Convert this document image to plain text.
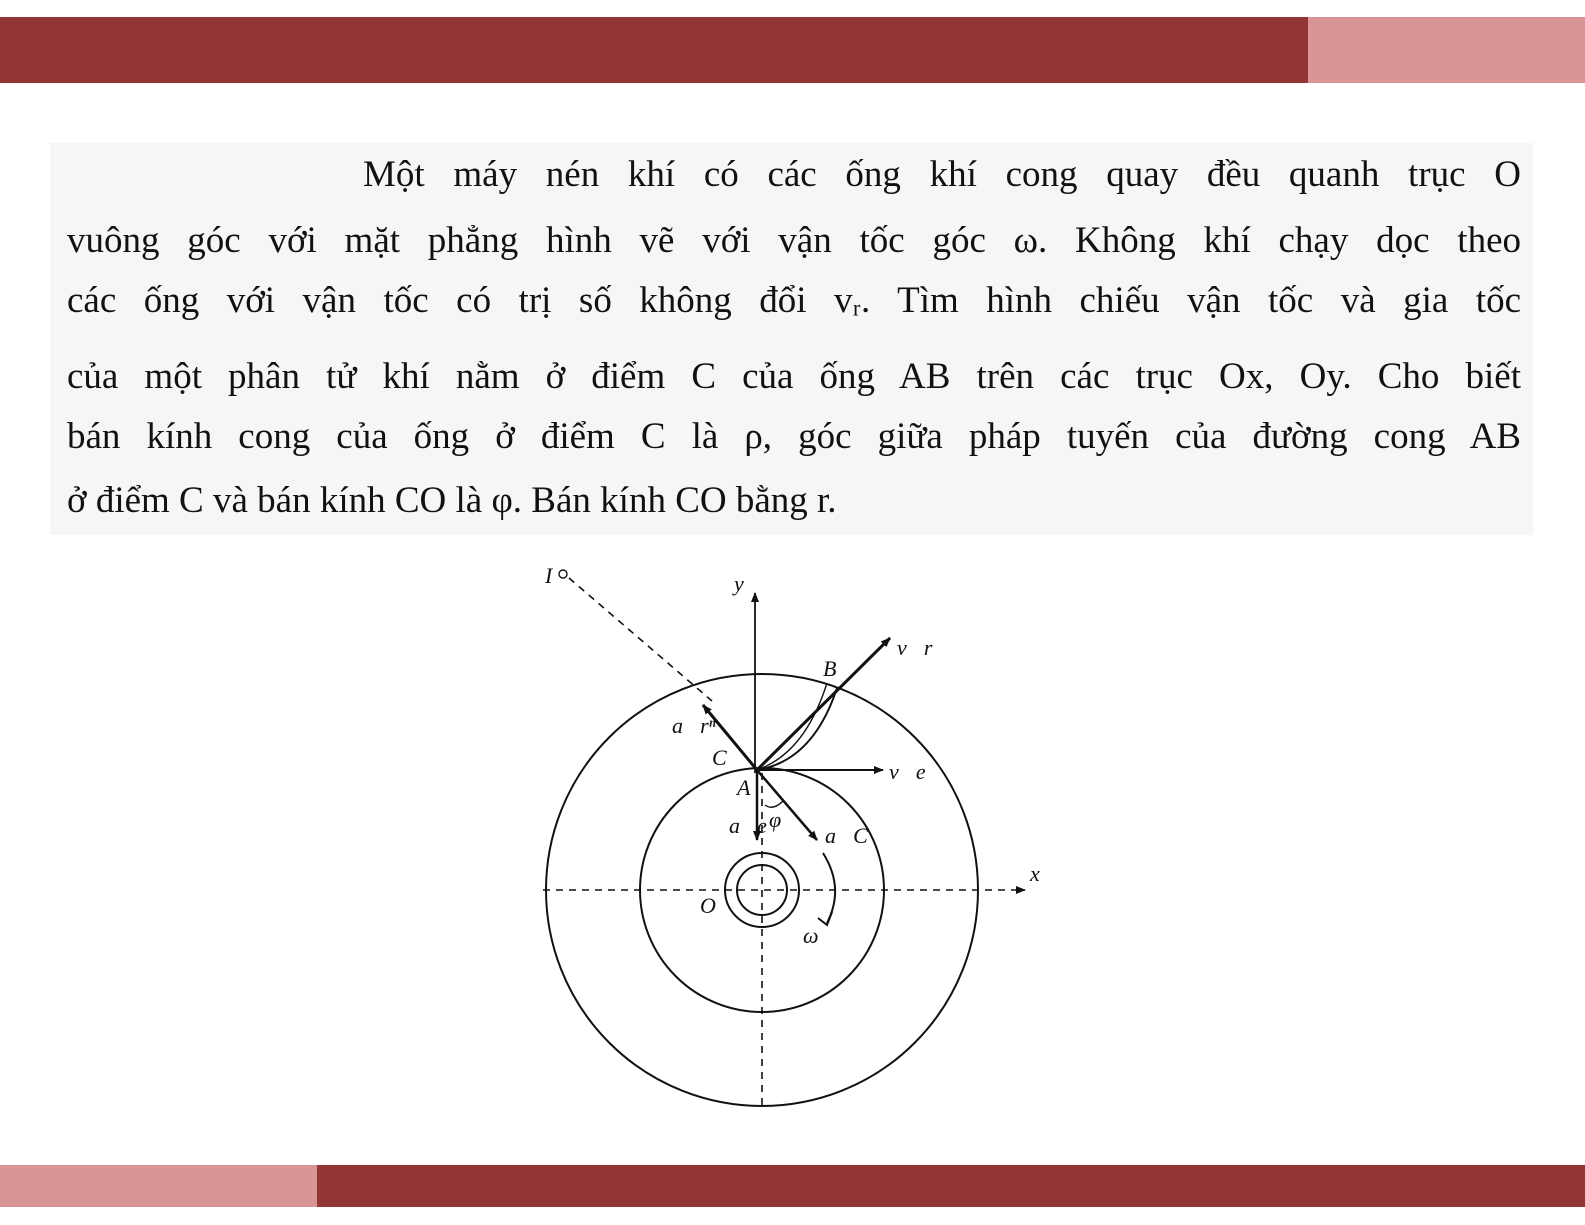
Một máy nén khí có các ống khí cong quay đều quanh trục O
vuông góc với mặt phẳng hình vẽ với vận tốc góc ω. Không khí chạy dọc theo
các ống với vận tốc có trị số không đổi vᵣ. Tìm hình chiếu vận tốc và gia tốc
của một phân tử khí nằm ở điểm C của ống AB trên các trục Ox, Oy. Cho biết
bán kính cong của ống ở điểm C là ρ, góc giữa pháp tuyến của đường cong AB
ở điểm C và bán kính CO là φ. Bán kính CO bằng r.
I	y
x
B
v⃗r
a⃗rⁿ
C
A
v⃗e
a⃗e φ
a⃗C
O
ω
